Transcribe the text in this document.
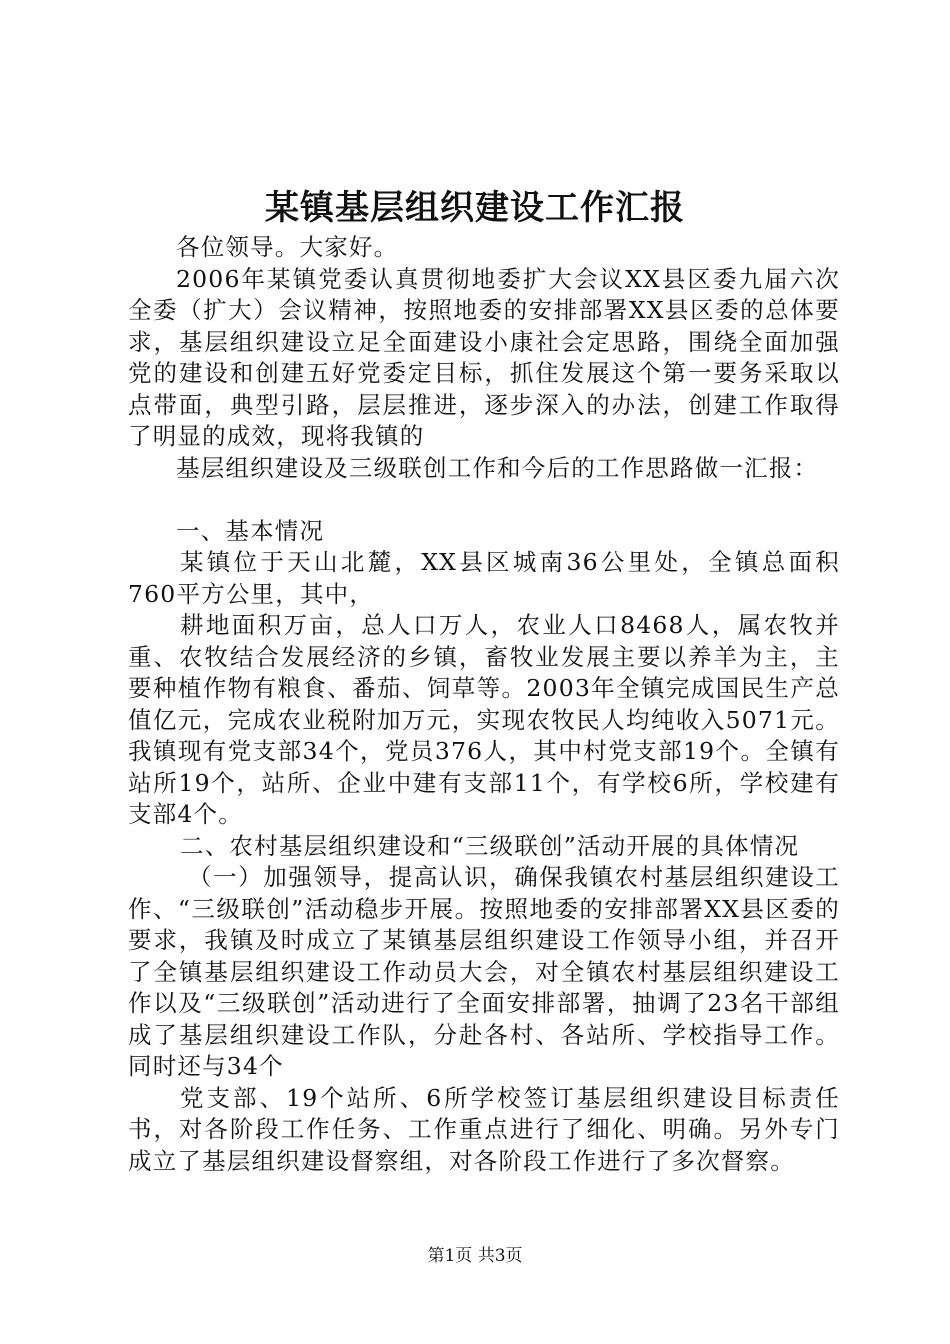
某镇基层组织建设工作汇报

各位领导。大家好。

2006年某镇党委认真贯彻地委扩大会议XX县区委九届六次全委（扩大）会议精神，按照地委的安排部署XX县区委的总体要求，基层组织建设立足全面建设小康社会定思路，围绕全面加强党的建设和创建五好党委定目标，抓住发展这个第一要务采取以点带面，典型引路，层层推进，逐步深入的办法，创建工作取得了明显的成效，现将我镇的

基层组织建设及三级联创工作和今后的工作思路做一汇报：

一、基本情况

某镇位于天山北麓，XX县区城南36公里处，全镇总面积760平方公里，其中，

耕地面积万亩，总人口万人，农业人口8468人，属农牧并重、农牧结合发展经济的乡镇，畜牧业发展主要以养羊为主，主要种植作物有粮食、番茄、饲草等。2003年全镇完成国民生产总值亿元，完成农业税附加万元，实现农牧民人均纯收入5071元。我镇现有党支部34个，党员376人，其中村党支部19个。全镇有站所19个，站所、企业中建有支部11个，有学校6所，学校建有支部4个。

二、农村基层组织建设和“三级联创”活动开展的具体情况

（一）加强领导，提高认识，确保我镇农村基层组织建设工作、“三级联创”活动稳步开展。按照地委的安排部署XX县区委的要求，我镇及时成立了某镇基层组织建设工作领导小组，并召开了全镇基层组织建设工作动员大会，对全镇农村基层组织建设工作以及“三级联创”活动进行了全面安排部署，抽调了23名干部组成了基层组织建设工作队，分赴各村、各站所、学校指导工作。同时还与34个

党支部、19个站所、6所学校签订基层组织建设目标责任书，对各阶段工作任务、工作重点进行了细化、明确。另外专门成立了基层组织建设督察组，对各阶段工作进行了多次督察。

第1页 共3页
